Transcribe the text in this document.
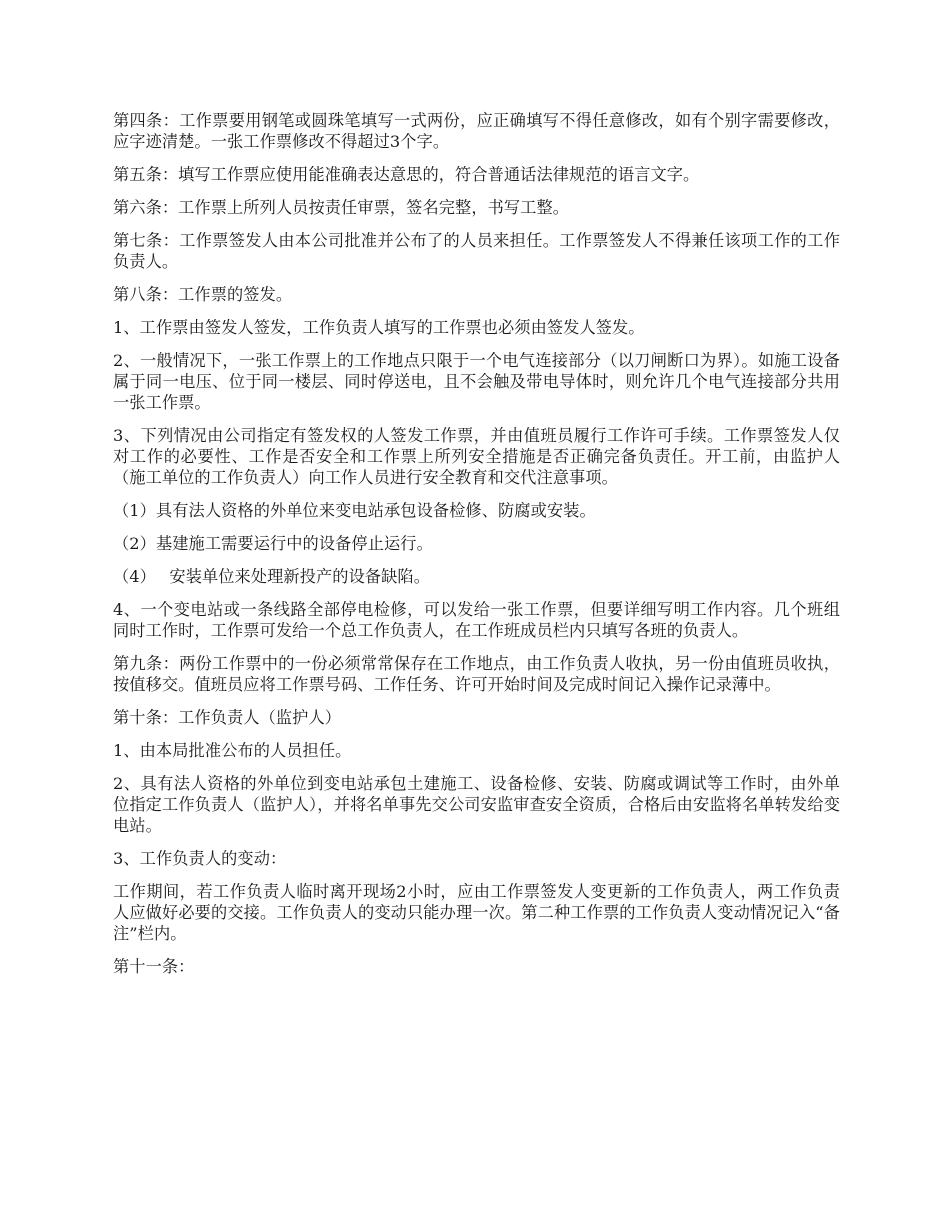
第四条：工作票要用钢笔或圆珠笔填写一式两份，应正确填写不得任意修改，如有个别字需要修改，应字迹清楚。一张工作票修改不得超过3个字。

第五条：填写工作票应使用能准确表达意思的，符合普通话法律规范的语言文字。

第六条：工作票上所列人员按责任审票，签名完整，书写工整。

第七条：工作票签发人由本公司批准并公布了的人员来担任。工作票签发人不得兼任该项工作的工作负责人。

第八条：工作票的签发。

1、工作票由签发人签发，工作负责人填写的工作票也必须由签发人签发。

2、一般情况下，一张工作票上的工作地点只限于一个电气连接部分（以刀闸断口为界）。如施工设备属于同一电压、位于同一楼层、同时停送电，且不会触及带电导体时，则允许几个电气连接部分共用一张工作票。

3、下列情况由公司指定有签发权的人签发工作票，并由值班员履行工作许可手续。工作票签发人仅对工作的必要性、工作是否安全和工作票上所列安全措施是否正确完备负责任。开工前，由监护人（施工单位的工作负责人）向工作人员进行安全教育和交代注意事项。

（1）具有法人资格的外单位来变电站承包设备检修、防腐或安装。

（2）基建施工需要运行中的设备停止运行。

（4）　 安装单位来处理新投产的设备缺陷。

4、一个变电站或一条线路全部停电检修，可以发给一张工作票，但要详细写明工作内容。几个班组同时工作时，工作票可发给一个总工作负责人，在工作班成员栏内只填写各班的负责人。

第九条：两份工作票中的一份必须常常保存在工作地点，由工作负责人收执，另一份由值班员收执，按值移交。值班员应将工作票号码、工作任务、许可开始时间及完成时间记入操作记录薄中。

第十条：工作负责人（监护人）

1、由本局批准公布的人员担任。

2、具有法人资格的外单位到变电站承包土建施工、设备检修、安装、防腐或调试等工作时，由外单位指定工作负责人（监护人），并将名单事先交公司安监审查安全资质，合格后由安监将名单转发给变电站。

3、工作负责人的变动：

工作期间，若工作负责人临时离开现场2小时，应由工作票签发人变更新的工作负责人，两工作负责人应做好必要的交接。工作负责人的变动只能办理一次。第二种工作票的工作负责人变动情况记入“备注”栏内。

第十一条：
